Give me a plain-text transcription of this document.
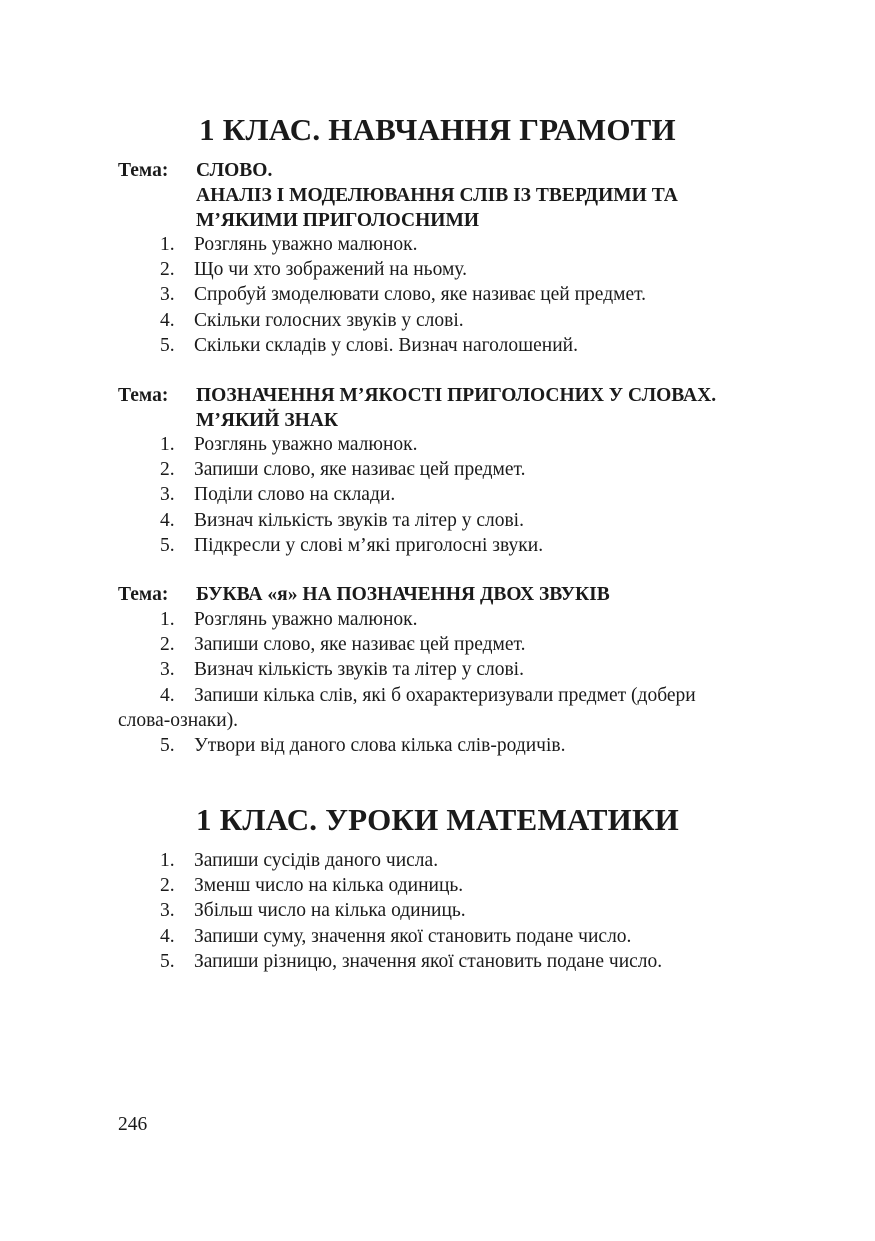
1 КЛАС. НАВЧАННЯ ГРАМОТИ
Тема: СЛОВО.
АНАЛІЗ І МОДЕЛЮВАННЯ СЛІВ ІЗ ТВЕРДИМИ ТА
М’ЯКИМИ ПРИГОЛОСНИМИ
1. Розглянь уважно малюнок.
2. Що чи хто зображений на ньому.
3. Спробуй змоделювати слово, яке називає цей предмет.
4. Скільки голосних звуків у слові.
5. Скільки складів у слові. Визнач наголошений.
Тема: ПОЗНАЧЕННЯ М’ЯКОСТІ ПРИГОЛОСНИХ У СЛОВАХ.
М’ЯКИЙ ЗНАК
1. Розглянь уважно малюнок.
2. Запиши слово, яке називає цей предмет.
3. Поділи слово на склади.
4. Визнач кількість звуків та літер у слові.
5. Підкресли у слові м’які приголосні звуки.
Тема: БУКВА «я» НА ПОЗНАЧЕННЯ ДВОХ ЗВУКІВ
1. Розглянь уважно малюнок.
2. Запиши слово, яке називає цей предмет.
3. Визнач кількість звуків та літер у слові.
4. Запиши кілька слів, які б охарактеризували предмет (добери
слова-ознаки).
5. Утвори від даного слова кілька слів-родичів.
1 КЛАС. УРОКИ МАТЕМАТИКИ
1. Запиши сусідів даного числа.
2. Зменш число на кілька одиниць.
3. Збільш число на кілька одиниць.
4. Запиши суму, значення якої становить подане число.
5. Запиши різницю, значення якої становить подане число.
246
